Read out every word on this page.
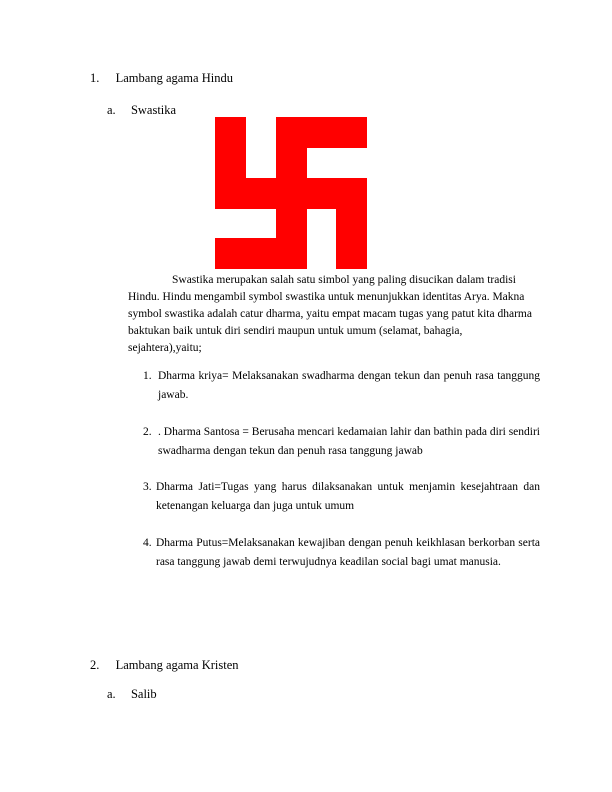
1. Lambang agama Hindu
a. Swastika
Swastika merupakan salah satu simbol yang paling disucikan dalam tradisi Hindu. Hindu mengambil symbol swastika untuk menunjukkan identitas Arya. Makna symbol swastika adalah catur dharma, yaitu empat macam tugas yang patut kita dharma baktukan baik untuk diri sendiri maupun untuk umum (selamat, bahagia, sejahtera),yaitu;
1. Dharma kriya= Melaksanakan swadharma dengan tekun dan penuh rasa tanggung jawab.
2. . Dharma Santosa = Berusaha mencari kedamaian lahir dan bathin pada diri sendiri swadharma dengan tekun dan penuh rasa tanggung jawab
3. Dharma Jati=Tugas yang harus dilaksanakan untuk menjamin kesejahtraan dan ketenangan keluarga dan juga untuk umum
4. Dharma Putus=Melaksanakan kewajiban dengan penuh keikhlasan berkorban serta rasa tanggung jawab demi terwujudnya keadilan social bagi umat manusia.
2. Lambang agama Kristen
a. Salib
